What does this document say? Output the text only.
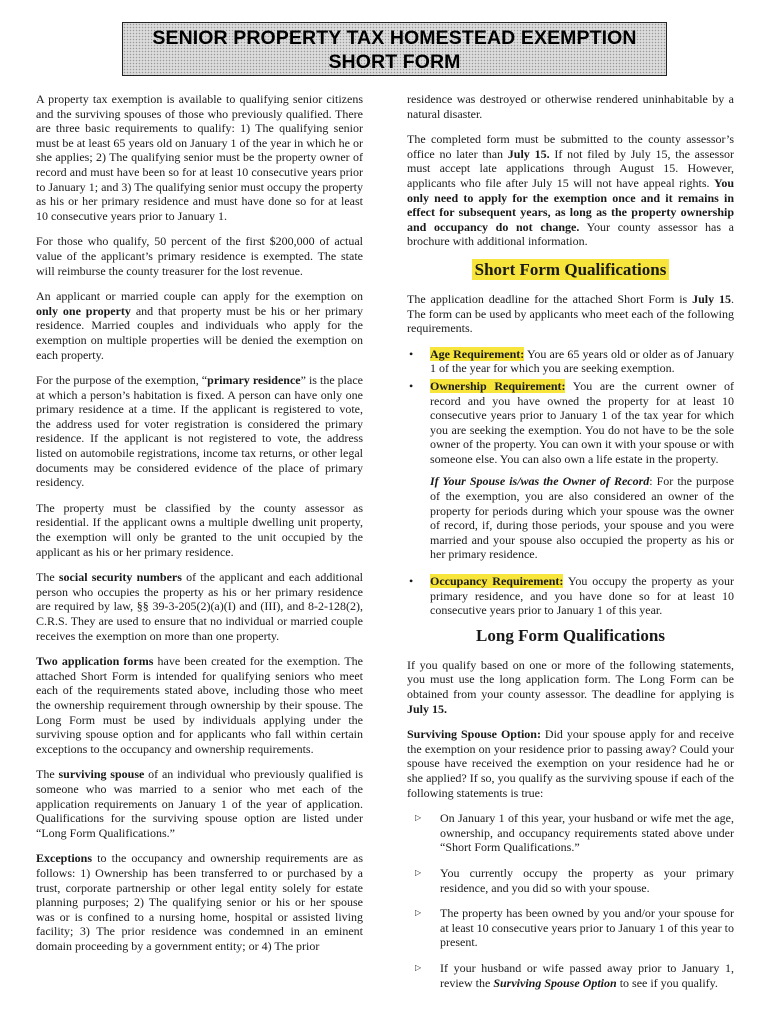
SENIOR PROPERTY TAX HOMESTEAD EXEMPTION
SHORT FORM

A property tax exemption is available to qualifying senior citizens and the surviving spouses of those who previously qualified. There are three basic requirements to qualify: 1) The qualifying senior must be at least 65 years old on January 1 of the year in which he or she applies; 2) The qualifying senior must be the property owner of record and must have been so for at least 10 consecutive years prior to January 1; and 3) The qualifying senior must occupy the property as his or her primary residence and must have done so for at least 10 consecutive years prior to January 1.

For those who qualify, 50 percent of the first $200,000 of actual value of the applicant’s primary residence is exempted. The state will reimburse the county treasurer for the lost revenue.

An applicant or married couple can apply for the exemption on only one property and that property must be his or her primary residence. Married couples and individuals who apply for the exemption on multiple properties will be denied the exemption on each property.

For the purpose of the exemption, “primary residence” is the place at which a person’s habitation is fixed. A person can have only one primary residence at a time. If the applicant is registered to vote, the address used for voter registration is considered the primary residence. If the applicant is not registered to vote, the address listed on automobile registrations, income tax returns, or other legal documents may be considered evidence of the place of primary residency.

The property must be classified by the county assessor as residential. If the applicant owns a multiple dwelling unit property, the exemption will only be granted to the unit occupied by the applicant as his or her primary residence.

The social security numbers of the applicant and each additional person who occupies the property as his or her primary residence are required by law, §§ 39-3-205(2)(a)(I) and (III), and 8-2-128(2), C.R.S. They are used to ensure that no individual or married couple receives the exemption on more than one property.

Two application forms have been created for the exemption. The attached Short Form is intended for qualifying seniors who meet each of the requirements stated above, including those who meet the ownership requirement through ownership by their spouse. The Long Form must be used by individuals applying under the surviving spouse option and for applicants who fall within certain exceptions to the occupancy and ownership requirements.

The surviving spouse of an individual who previously qualified is someone who was married to a senior who met each of the application requirements on January 1 of the year of application. Qualifications for the surviving spouse option are listed under “Long Form Qualifications.”

Exceptions to the occupancy and ownership requirements are as follows: 1) Ownership has been transferred to or purchased by a trust, corporate partnership or other legal entity solely for estate planning purposes; 2) The qualifying senior or his or her spouse was or is confined to a nursing home, hospital or assisted living facility; 3) The prior residence was condemned in an eminent domain proceeding by a government entity; or 4) The prior

residence was destroyed or otherwise rendered uninhabitable by a natural disaster.

The completed form must be submitted to the county assessor’s office no later than July 15. If not filed by July 15, the assessor must accept late applications through August 15. However, applicants who file after July 15 will not have appeal rights. You only need to apply for the exemption once and it remains in effect for subsequent years, as long as the property ownership and occupancy do not change. Your county assessor has a brochure with additional information.

Short Form Qualifications

The application deadline for the attached Short Form is July 15. The form can be used by applicants who meet each of the following requirements.

• Age Requirement: You are 65 years old or older as of January 1 of the year for which you are seeking exemption.
• Ownership Requirement: You are the current owner of record and you have owned the property for at least 10 consecutive years prior to January 1 of the tax year for which you are seeking the exemption. You do not have to be the sole owner of the property. You can own it with your spouse or with someone else. You can also own a life estate in the property.

If Your Spouse is/was the Owner of Record: For the purpose of the exemption, you are also considered an owner of the property for periods during which your spouse was the owner of record, if, during those periods, your spouse and you were married and your spouse also occupied the property as his or her primary residence.

• Occupancy Requirement: You occupy the property as your primary residence, and you have done so for at least 10 consecutive years prior to January 1 of this year.
Long Form Qualifications

If you qualify based on one or more of the following statements, you must use the long application form. The Long Form can be obtained from your county assessor. The deadline for applying is July 15.

Surviving Spouse Option: Did your spouse apply for and receive the exemption on your residence prior to passing away? Could your spouse have received the exemption on your residence had he or she applied? If so, you qualify as the surviving spouse if each of the following statements is true:

▷ On January 1 of this year, your husband or wife met the age, ownership, and occupancy requirements stated above under “Short Form Qualifications.”
▷ You currently occupy the property as your primary residence, and you did so with your spouse.
▷ The property has been owned by you and/or your spouse for at least 10 consecutive years prior to January 1 of this year to present.
▷ If your husband or wife passed away prior to January 1, review the Surviving Spouse Option to see if you qualify.
